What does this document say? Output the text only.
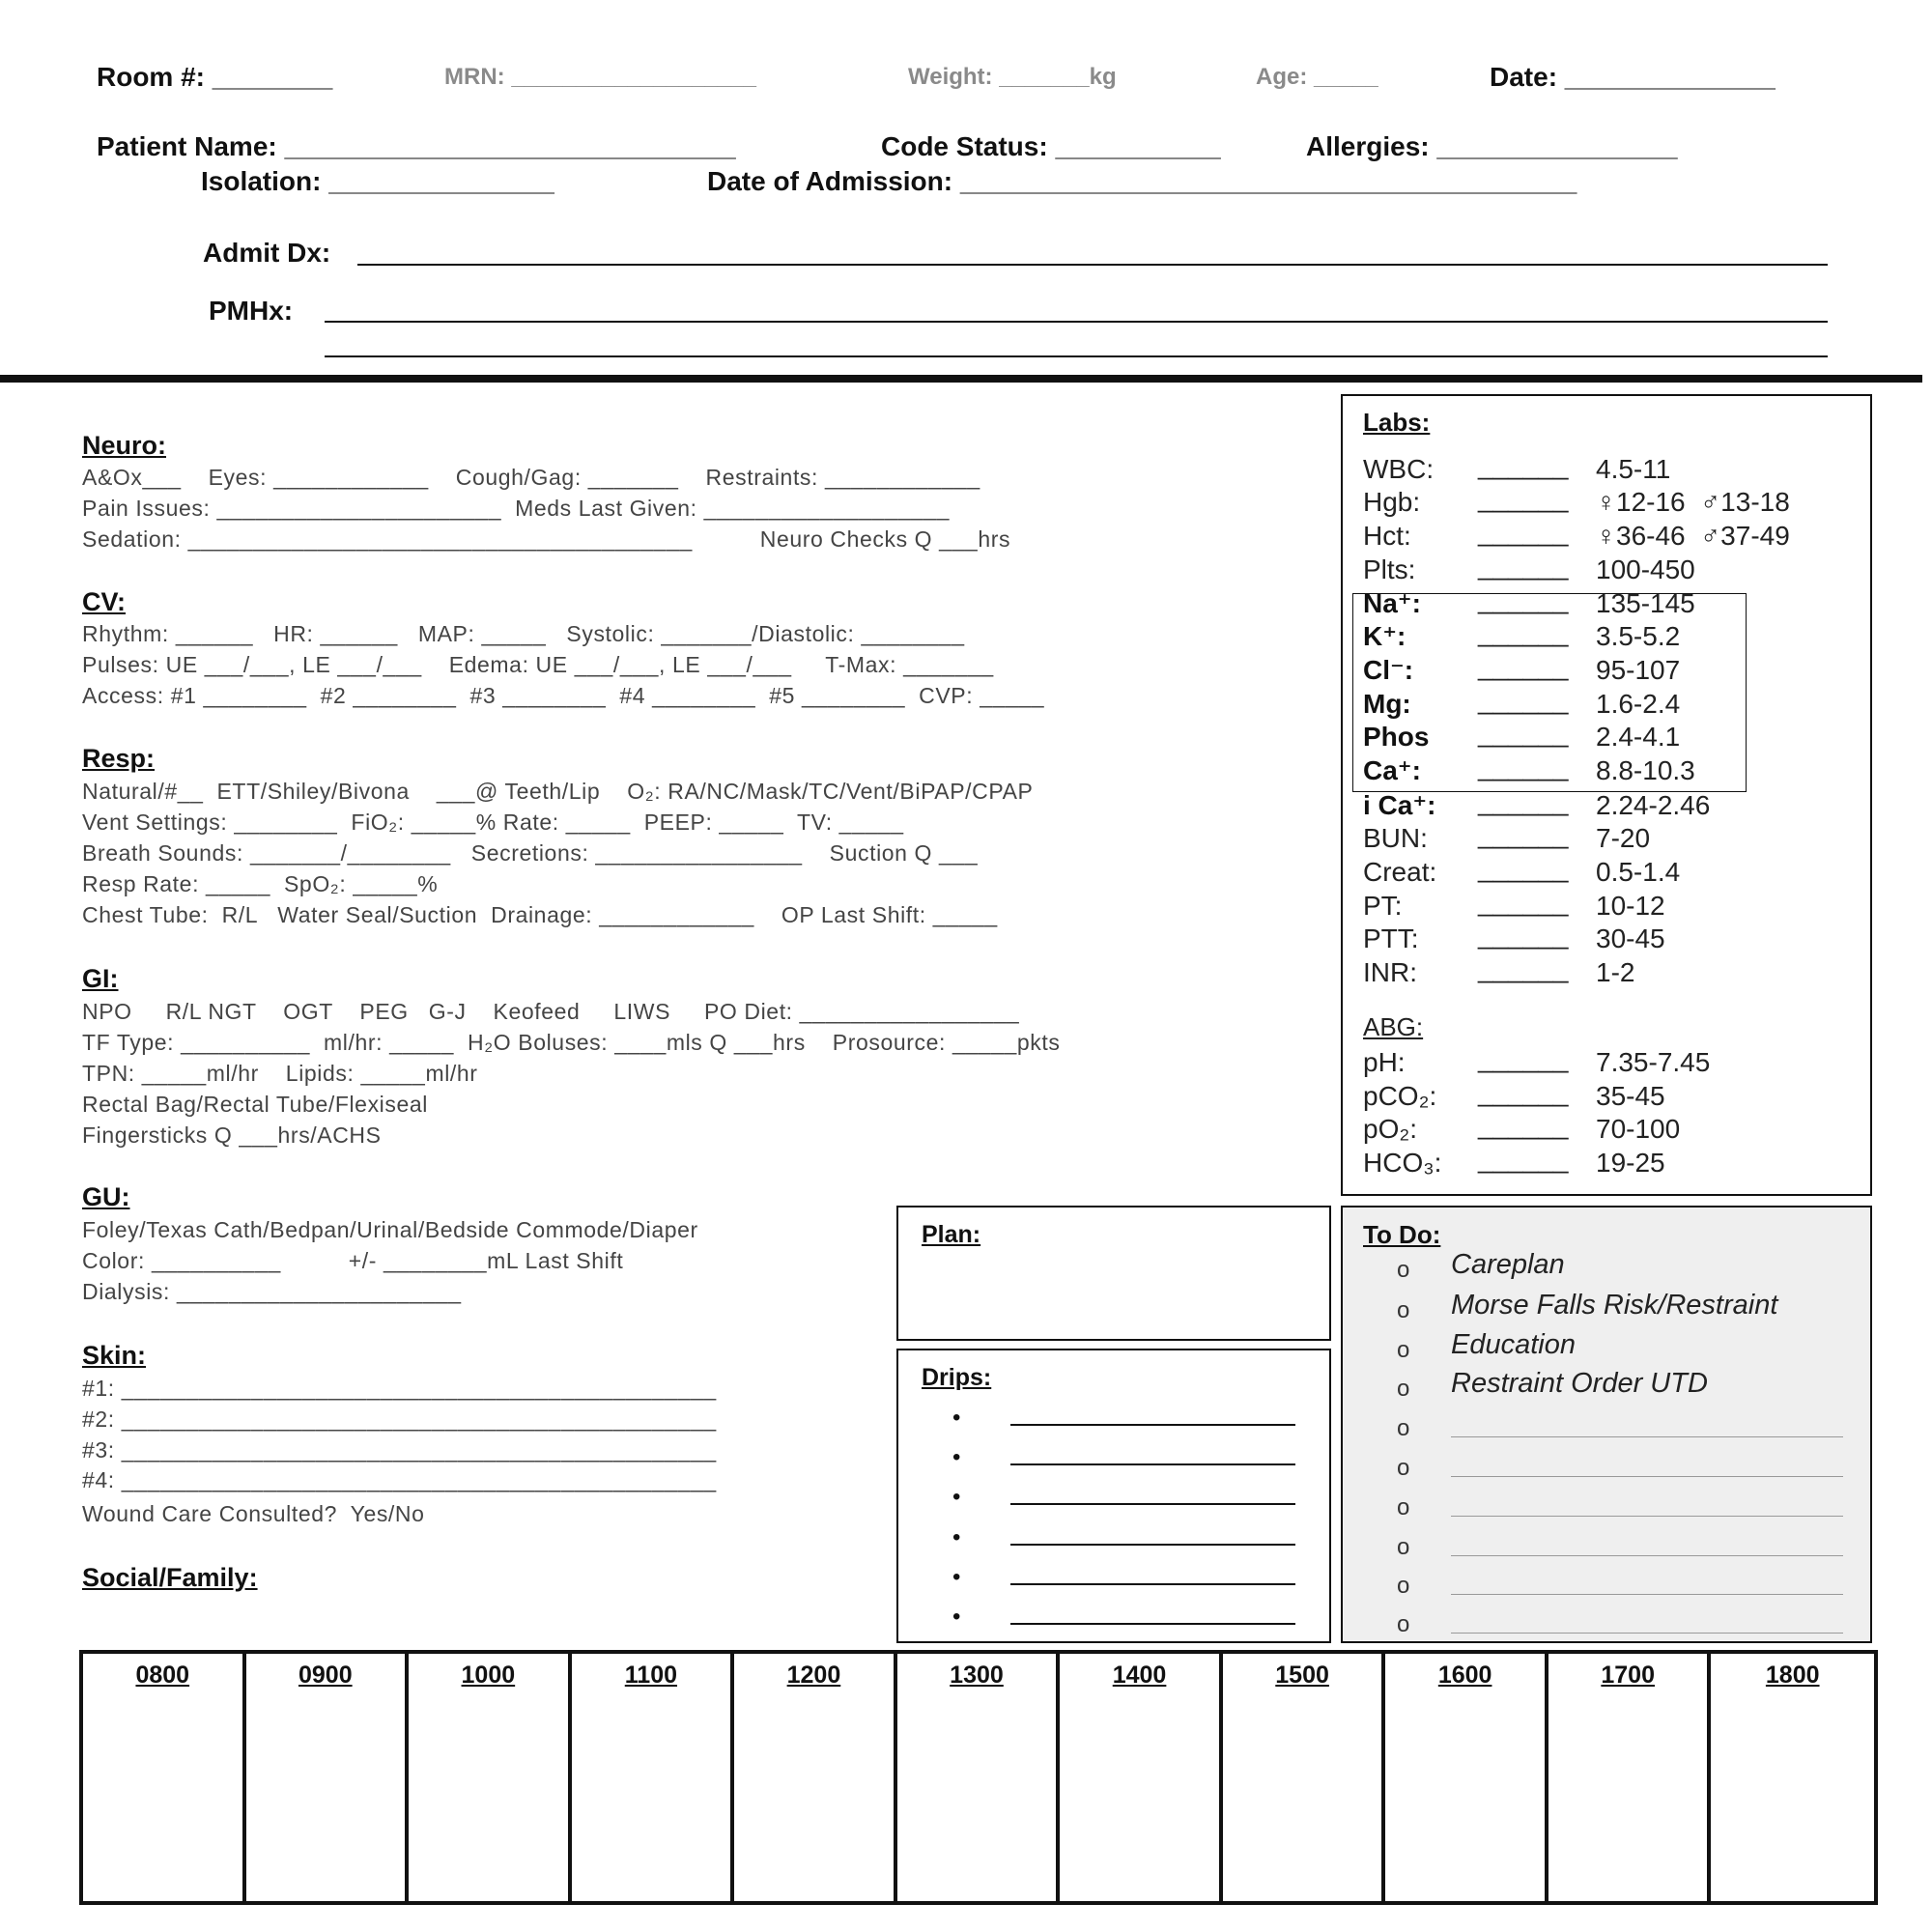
Room #: ________	MRN: ___________________	Weight: _______kg	Age: _____	Date: ______________
Patient Name: ______________________________	Code Status: ___________	Allergies: ________________
Isolation: _______________	Date of Admission: _________________________________________
Admit Dx:
PMHx:
Neuro:
A&Ox___    Eyes: ____________    Cough/Gag: _______    Restraints: ____________
Pain Issues: ______________________  Meds Last Given: ___________________
Sedation: _______________________________________          Neuro Checks Q ___hrs
CV:
Rhythm: ______   HR: ______   MAP: _____   Systolic: _______/Diastolic: ________
Pulses: UE ___/___, LE ___/___    Edema: UE ___/___, LE ___/___     T-Max: _______
Access: #1 ________  #2 ________  #3 ________  #4 ________  #5 ________  CVP: _____
Resp:
Natural/#__  ETT/Shiley/Bivona    ___@ Teeth/Lip    O₂: RA/NC/Mask/TC/Vent/BiPAP/CPAP
Vent Settings: ________  FiO₂: _____% Rate: _____  PEEP: _____  TV: _____
Breath Sounds: _______/________   Secretions: ________________    Suction Q ___
Resp Rate: _____  SpO₂: _____%
Chest Tube:  R/L   Water Seal/Suction  Drainage: ____________    OP Last Shift: _____
GI:
NPO     R/L NGT    OGT    PEG   G-J    Keofeed     LIWS     PO Diet: _________________
TF Type: __________  ml/hr: _____  H₂O Boluses: ____mls Q ___hrs    Prosource: _____pkts
TPN: _____ml/hr    Lipids: _____ml/hr
Rectal Bag/Rectal Tube/Flexiseal
Fingersticks Q ___hrs/ACHS
GU:
Foley/Texas Cath/Bedpan/Urinal/Bedside Commode/Diaper
Color: __________          +/- ________mL Last Shift
Dialysis: ______________________
Skin:
#1: ______________________________________________
#2: ______________________________________________
#3: ______________________________________________
#4: ______________________________________________
Wound Care Consulted?  Yes/No
Social/Family:
Labs:
WBC: ______ 4.5-11
Hgb: ______ ♀12-16  ♂13-18
Hct: ______ ♀36-46  ♂37-49
Plts: ______ 100-450
Na⁺: ______ 135-145
K⁺:	______ 3.5-5.2
Cl⁻: ______ 95-107
Mg: ______ 1.6-2.4
Phos ______ 2.4-4.1
Ca⁺: ______ 8.8-10.3
i Ca⁺: ______ 2.24-2.46
BUN: ______ 7-20
Creat: ______ 0.5-1.4
PT:	______ 10-12
PTT: ______ 30-45
INR: ______ 1-2
pH:	______ 7.35-7.45
pCO₂: ______ 35-45
pO₂: ______ 70-100
HCO₃: ______ 19-25
ABG:
Plan:
Drips:
•
•
•
•
•
•
To Do:
o Careplan
o Morse Falls Risk/Restraint
o Education
o Restraint Order UTD
o
o
o
o
o
o
0800	0900	1000	1100	1200	1300	1400	1500	1600	1700	1800
